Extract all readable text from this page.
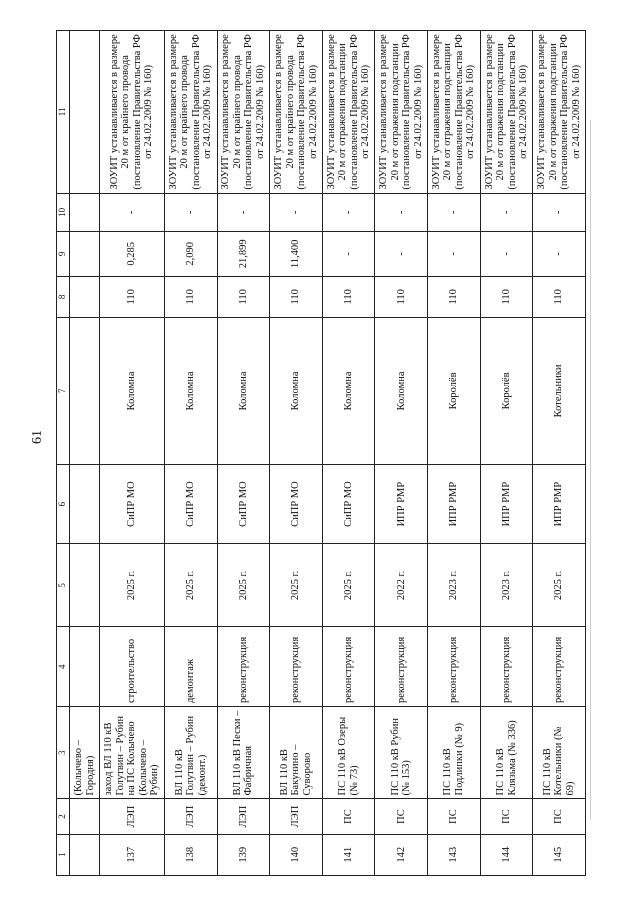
61
1	2	3	4	5	6	7	8	9	10	11
		(Колычево – Городня)								
137	ЛЭП	заход ВЛ 110 кВ Голутвин – Рубин на ПС Колычево (Колычево – Рубин)	строительство	2025 г.	СиПР МО	Коломна	110	0,285	-	ЗОУИТ устанавливается в размере 20 м от крайнего провода (постановление Правительства РФ от 24.02.2009 № 160)
138	ЛЭП	ВЛ 110 кВ Голутвин – Рубин (демонт.)	демонтаж	2025 г.	СиПР МО	Коломна	110	2,090	-	ЗОУИТ устанавливается в размере 20 м от крайнего провода (постановление Правительства РФ от 24.02.2009 № 160)
139	ЛЭП	ВЛ 110 кВ Пески – Фабричная	реконструкция	2025 г.	СиПР МО	Коломна	110	21,899	-	ЗОУИТ устанавливается в размере 20 м от крайнего провода (постановление Правительства РФ от 24.02.2009 № 160)
140	ЛЭП	ВЛ 110 кВ Бакунино – Суворово	реконструкция	2025 г.	СиПР МО	Коломна	110	11,400	-	ЗОУИТ устанавливается в размере 20 м от крайнего провода (постановление Правительства РФ от 24.02.2009 № 160)
141	ПС	ПС 110 кВ Озеры (№ 73)	реконструкция	2025 г.	СиПР МО	Коломна	110	-	-	ЗОУИТ устанавливается в размере 20 м от отражения подстанции (постановление Правительства РФ от 24.02.2009 № 160)
142	ПС	ПС 110 кВ Рубин (№ 153)	реконструкция	2022 г.	ИПР РМР	Коломна	110	-	-	ЗОУИТ устанавливается в размере 20 м от отражения подстанции (постановление Правительства РФ от 24.02.2009 № 160)
143	ПС	ПС 110 кВ Подлипки (№ 9)	реконструкция	2023 г.	ИПР РМР	Королёв	110	-	-	ЗОУИТ устанавливается в размере 20 м от отражения подстанции (постановление Правительства РФ от 24.02.2009 № 160)
144	ПС	ПС 110 кВ Клязьма (№ 336)	реконструкция	2023 г.	ИПР РМР	Королёв	110	-	-	ЗОУИТ устанавливается в размере 20 м от отражения подстанции (постановление Правительства РФ от 24.02.2009 № 160)
145	ПС	ПС 110 кВ Котельники (№ 69)	реконструкция	2025 г.	ИПР РМР	Котельники	110	-	-	ЗОУИТ устанавливается в размере 20 м от отражения подстанции (постановление Правительства РФ от 24.02.2009 № 160)
